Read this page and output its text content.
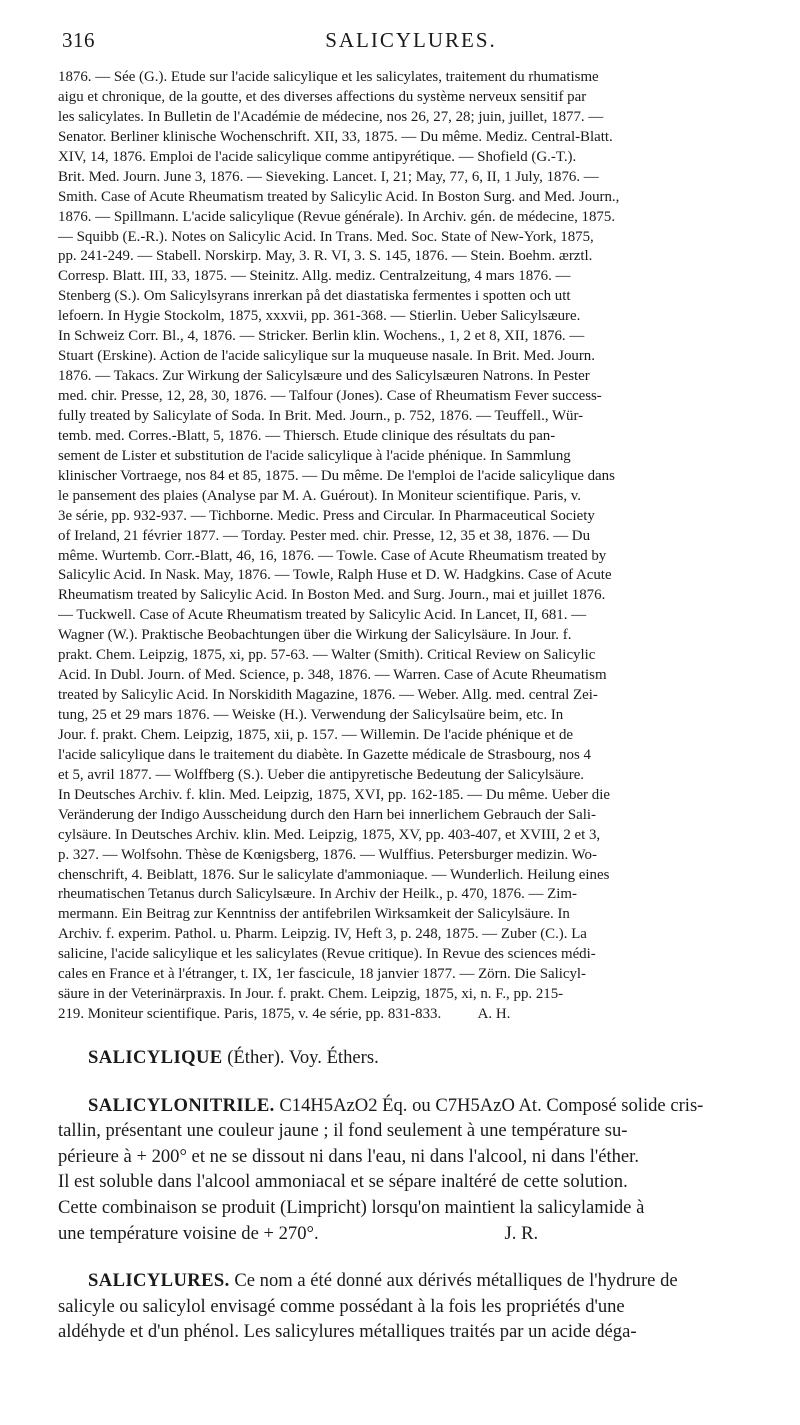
316	SALICYLURES.
1876. — Sée (G.). Etude sur l'acide salicylique et les salicylates, traitement du rhumatisme
aigu et chronique, de la goutte, et des diverses affections du système nerveux sensitif par
les salicylates. In Bulletin de l'Académie de médecine, nos 26, 27, 28; juin, juillet, 1877. —
Senator. Berliner klinische Wochenschrift. XII, 33, 1875. — Du même. Mediz. Central-Blatt.
XIV, 14, 1876. Emploi de l'acide salicylique comme antipyrétique. — Shofield (G.-T.).
Brit. Med. Journ. June 3, 1876. — Sieveking. Lancet. I, 21; May, 77, 6, II, 1 July, 1876. —
Smith. Case of Acute Rheumatism treated by Salicylic Acid. In Boston Surg. and Med. Journ.,
1876. — Spillmann. L'acide salicylique (Revue générale). In Archiv. gén. de médecine, 1875.
— Squibb (E.-R.). Notes on Salicylic Acid. In Trans. Med. Soc. State of New-York, 1875,
pp. 241-249. — Stabell. Norskirp. May, 3. R. VI, 3. S. 145, 1876. — Stein. Boehm. ærztl.
Corresp. Blatt. III, 33, 1875. — Steinitz. Allg. mediz. Centralzeitung, 4 mars 1876. —
Stenberg (S.). Om Salicylsyrans inrerkan på det diastatiska fermentes i spotten och utt
lefoern. In Hygie Stockolm, 1875, xxxvii, pp. 361-368. — Stierlin. Ueber Salicylsæure.
In Schweiz Corr. Bl., 4, 1876. — Stricker. Berlin klin. Wochens., 1, 2 et 8, XII, 1876. —
Stuart (Erskine). Action de l'acide salicylique sur la muqueuse nasale. In Brit. Med. Journ.
1876. — Takacs. Zur Wirkung der Salicylsæure und des Salicylsæuren Natrons. In Pester
med. chir. Presse, 12, 28, 30, 1876. — Talfour (Jones). Case of Rheumatism Fever success-
fully treated by Salicylate of Soda. In Brit. Med. Journ., p. 752, 1876. — Teuffell., Wür-
temb. med. Corres.-Blatt, 5, 1876. — Thiersch. Etude clinique des résultats du pan-
sement de Lister et substitution de l'acide salicylique à l'acide phénique. In Sammlung
klinischer Vortraege, nos 84 et 85, 1875. — Du même. De l'emploi de l'acide salicylique dans
le pansement des plaies (Analyse par M. A. Guérout). In Moniteur scientifique. Paris, v.
3e série, pp. 932-937. — Tichborne. Medic. Press and Circular. In Pharmaceutical Society
of Ireland, 21 février 1877. — Torday. Pester med. chir. Presse, 12, 35 et 38, 1876. — Du
même. Wurtemb. Corr.-Blatt, 46, 16, 1876. — Towle. Case of Acute Rheumatism treated by
Salicylic Acid. In Nask. May, 1876. — Towle, Ralph Huse et D. W. Hadgkins. Case of Acute
Rheumatism treated by Salicylic Acid. In Boston Med. and Surg. Journ., mai et juillet 1876.
— Tuckwell. Case of Acute Rheumatism treated by Salicylic Acid. In Lancet, II, 681. —
Wagner (W.). Praktische Beobachtungen über die Wirkung der Salicylsäure. In Jour. f.
prakt. Chem. Leipzig, 1875, xi, pp. 57-63. — Walter (Smith). Critical Review on Salicylic
Acid. In Dubl. Journ. of Med. Science, p. 348, 1876. — Warren. Case of Acute Rheumatism
treated by Salicylic Acid. In Norskidith Magazine, 1876. — Weber. Allg. med. central Zei-
tung, 25 et 29 mars 1876. — Weiske (H.). Verwendung der Salicylsaüre beim, etc. In
Jour. f. prakt. Chem. Leipzig, 1875, xii, p. 157. — Willemin. De l'acide phénique et de
l'acide salicylique dans le traitement du diabète. In Gazette médicale de Strasbourg, nos 4
et 5, avril 1877. — Wolffberg (S.). Ueber die antipyretische Bedeutung der Salicylsäure.
In Deutsches Archiv. f. klin. Med. Leipzig, 1875, XVI, pp. 162-185. — Du même. Ueber die
Veränderung der Indigo Ausscheidung durch den Harn bei innerlichem Gebrauch der Sali-
cylsäure. In Deutsches Archiv. klin. Med. Leipzig, 1875, XV, pp. 403-407, et XVIII, 2 et 3,
p. 327. — Wolfsohn. Thèse de Kœnigsberg, 1876. — Wulffius. Petersburger medizin. Wo-
chenschrift, 4. Beiblatt, 1876. Sur le salicylate d'ammoniaque. — Wunderlich. Heilung eines
rheumatischen Tetanus durch Salicylsæure. In Archiv der Heilk., p. 470, 1876. — Zim-
mermann. Ein Beitrag zur Kenntniss der antifebrilen Wirksamkeit der Salicylsäure. In
Archiv. f. experim. Pathol. u. Pharm. Leipzig. IV, Heft 3, p. 248, 1875. — Zuber (C.). La
salicine, l'acide salicylique et les salicylates (Revue critique). In Revue des sciences médi-
cales en France et à l'étranger, t. IX, 1er fascicule, 18 janvier 1877. — Zörn. Die Salicyl-
säure in der Veterinärpraxis. In Jour. f. prakt. Chem. Leipzig, 1875, xi, n. F., pp. 215-
219. Moniteur scientifique. Paris, 1875, v. 4e série, pp. 831-833.          A. H.

SALICYLIQUE (Éther). Voy. Éthers.

SALICYLONITRILE. C14H5AzO2 Éq. ou C7H5AzO At. Composé solide cris-
tallin, présentant une couleur jaune ; il fond seulement à une température su-
périeure à + 200° et ne se dissout ni dans l'eau, ni dans l'alcool, ni dans l'éther.
Il est soluble dans l'alcool ammoniacal et se sépare inaltéré de cette solution.
Cette combinaison se produit (Limpricht) lorsqu'on maintient la salicylamide à
une température voisine de + 270°.                                        J. R.

SALICYLURES. Ce nom a été donné aux dérivés métalliques de l'hydrure de
salicyle ou salicylol envisagé comme possédant à la fois les propriétés d'une
aldéhyde et d'un phénol. Les salicylures métalliques traités par un acide déga-
